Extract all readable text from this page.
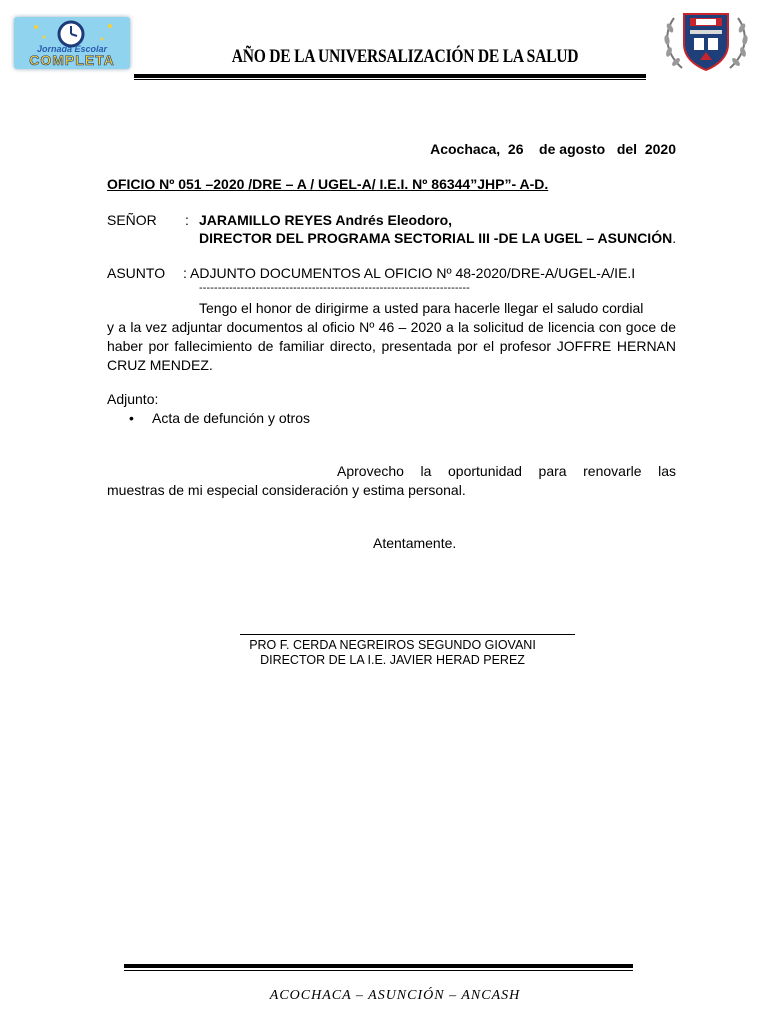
Jornada Escolar
COMPLETA	AÑO DE LA UNIVERSALIZACIÓN DE LA SALUD
Acochaca,  26    de agosto   del  2020
OFICIO Nº 051 –2020 /DRE – A / UGEL-A/ I.E.I. Nº 86344”JHP”- A-D.
SEÑOR : JARAMILLO REYES Andrés Eleodoro,
DIRECTOR DEL PROGRAMA SECTORIAL III -DE LA UGEL – ASUNCIÓN.
ASUNTO : ADJUNTO DOCUMENTOS AL OFICIO Nº 48-2020/DRE-A/UGEL-A/IE.I
------------------------------------------------------------------------
Tengo el honor de dirigirme a usted para hacerle llegar el saludo cordial
y a la vez adjuntar documentos al oficio Nº 46 – 2020 a la solicitud de licencia con goce de haber por fallecimiento de familiar directo, presentada por el profesor JOFFRE HERNAN CRUZ MENDEZ.
Adjunto:
• Acta de defunción y otros
Aprovecho la oportunidad para renovarle las
muestras de mi especial consideración y estima personal.
Atentamente.
PRO F. CERDA NEGREIROS SEGUNDO GIOVANI
DIRECTOR DE LA I.E. JAVIER HERAD PEREZ
ACOCHACA – ASUNCIÓN – ANCASH
